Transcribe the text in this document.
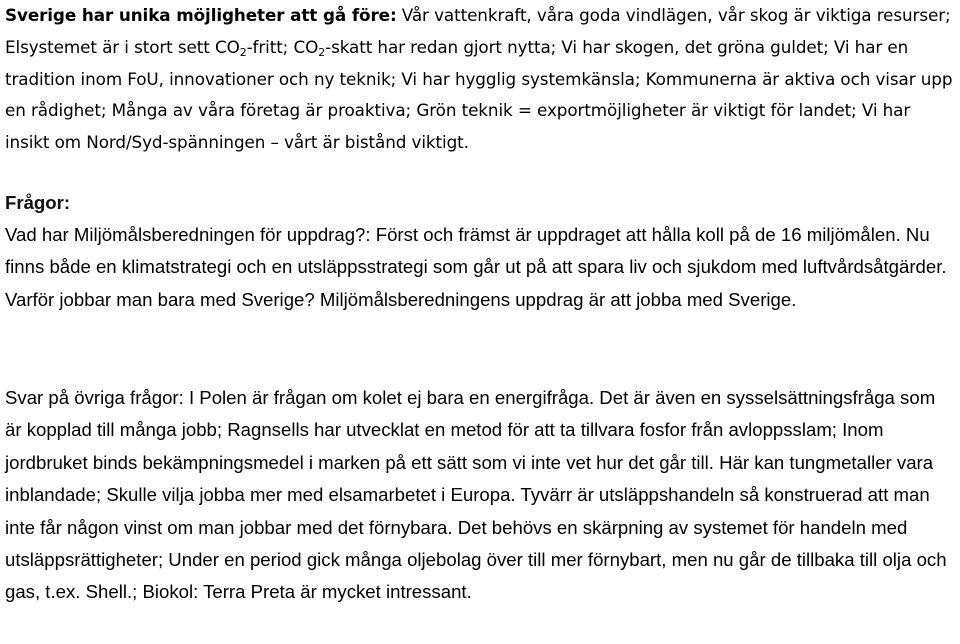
Sverige har unika möjligheter att gå före: Vår vattenkraft, våra goda vindlägen, vår skog är viktiga resurser; Elsystemet är i stort sett $CO_2$-fritt; $CO_2$-skatt har redan gjort nytta; Vi har skogen, det gröna guldet; Vi har en tradition inom FoU, innovationer och ny teknik; Vi har hygglig systemkänsla; Kommunerna är aktiva och visar upp en rådighet; Många av våra företag är proaktiva; Grön teknik = exportmöjligheter är viktigt för landet; Vi har insikt om Nord/Syd-spänningen – vårt är bistånd viktigt.

Frågor:

Vad har Miljömålsberedningen för uppdrag?: Först och främst är uppdraget att hålla koll på de 16 miljömålen. Nu finns både en klimatstrategi och en utsläppsstrategi som går ut på att spara liv och sjukdom med luftvårdsåtgärder. Varför jobbar man bara med Sverige? Miljömålsberedningens uppdrag är att jobba med Sverige.

Svar på övriga frågor: I Polen är frågan om kolet ej bara en energifråga. Det är även en sysselsättningsfråga som är kopplad till många jobb; Ragnsells har utvecklat en metod för att ta tillvara fosfor från avloppsslam; Inom jordbruket binds bekämpningsmedel i marken på ett sätt som vi inte vet hur det går till. Här kan tungmetaller vara inblandade; Skulle vilja jobba mer med elsamarbetet i Europa. Tyvärr är utsläppshandeln så konstruerad att man inte får någon vinst om man jobbar med det förnybara. Det behövs en skärpning av systemet för handeln med utsläppsrättigheter; Under en period gick många oljebolag över till mer förnybart, men nu går de tillbaka till olja och gas, t.ex. Shell.; Biokol: Terra Preta är mycket intressant.
